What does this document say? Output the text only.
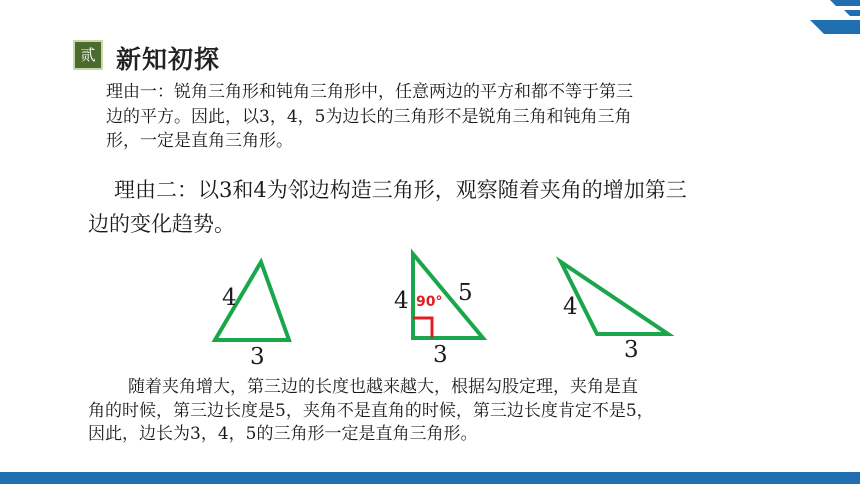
贰 新知初探
理由一：锐角三角形和钝角三角形中，任意两边的平方和都不等于第三
边的平方。因此，以3，4，5为边长的三角形不是锐角三角和钝角三角
形，一定是直角三角形。
理由二：以3和4为邻边构造三角形，观察随着夹角的增加第三
边的变化趋势。
4
3
4 90° 5
3
4
3
随着夹角增大，第三边的长度也越来越大，根据勾股定理，夹角是直
角的时候，第三边长度是5，夹角不是直角的时候，第三边长度肯定不是5，
因此，边长为3，4，5的三角形一定是直角三角形。
